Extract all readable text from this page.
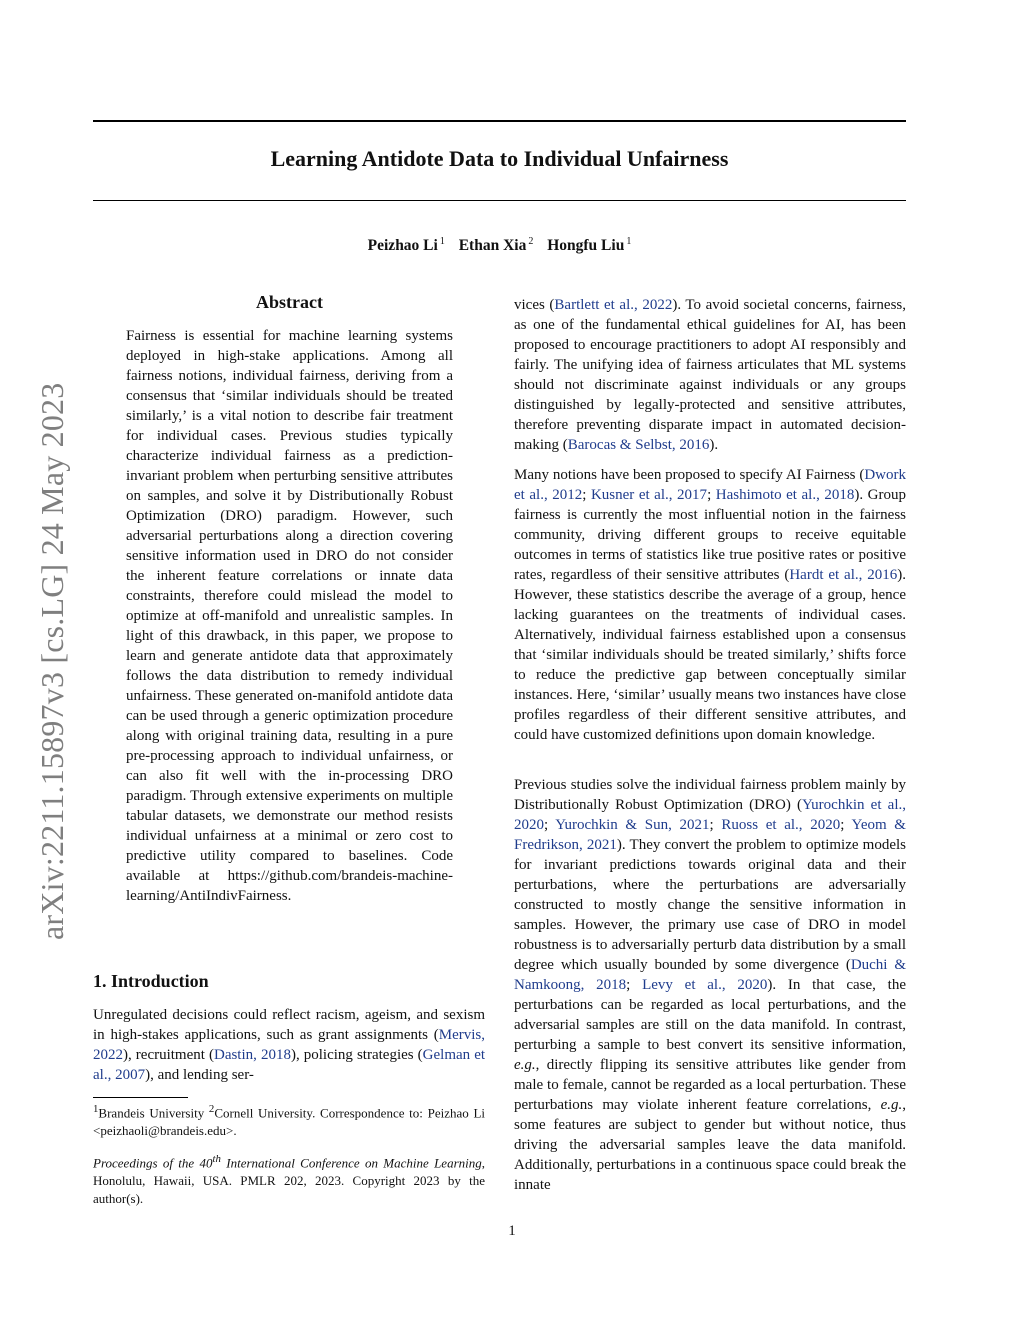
Learning Antidote Data to Individual Unfairness
Peizhao Li $^1$ Ethan Xia $^2$ Hongfu Liu $^1$
arXiv:2211.15897v3 [cs.LG] 24 May 2023
Abstract

Fairness is essential for machine learning systems deployed in high-stake applications. Among all fairness notions, individual fairness, deriving from a consensus that ‘similar individuals should be treated similarly,’ is a vital notion to describe fair treatment for individual cases. Previous studies typically characterize individual fairness as a prediction-invariant problem when perturbing sensitive attributes on samples, and solve it by Distributionally Robust Optimization (DRO) paradigm. However, such adversarial perturbations along a direction covering sensitive information used in DRO do not consider the inherent feature correlations or innate data constraints, therefore could mislead the model to optimize at off-manifold and unrealistic samples. In light of this drawback, in this paper, we propose to learn and generate antidote data that approximately follows the data distribution to remedy individual unfairness. These generated on-manifold antidote data can be used through a generic optimization procedure along with original training data, resulting in a pure pre-processing approach to individual unfairness, or can also fit well with the in-processing DRO paradigm. Through extensive experiments on multiple tabular datasets, we demonstrate our method resists individual unfairness at a minimal or zero cost to predictive utility compared to baselines. Code available at https://github.com/brandeis-machine-learning/AntiIndivFairness.

1. Introduction

Unregulated decisions could reflect racism, ageism, and sexism in high-stakes applications, such as grant assignments (Mervis, 2022), recruitment (Dastin, 2018), policing strategies (Gelman et al., 2007), and lending ser-

$^1$Brandeis University $^2$Cornell University. Correspondence to: Peizhao Li <peizhaoli@brandeis.edu>.

Proceedings of the 40th International Conference on Machine Learning, Honolulu, Hawaii, USA. PMLR 202, 2023. Copyright 2023 by the author(s).

vices (Bartlett et al., 2022). To avoid societal concerns, fairness, as one of the fundamental ethical guidelines for AI, has been proposed to encourage practitioners to adopt AI responsibly and fairly. The unifying idea of fairness articulates that ML systems should not discriminate against individuals or any groups distinguished by legally-protected and sensitive attributes, therefore preventing disparate impact in automated decision-making (Barocas & Selbst, 2016).

Many notions have been proposed to specify AI Fairness (Dwork et al., 2012; Kusner et al., 2017; Hashimoto et al., 2018). Group fairness is currently the most influential notion in the fairness community, driving different groups to receive equitable outcomes in terms of statistics like true positive rates or positive rates, regardless of their sensitive attributes (Hardt et al., 2016). However, these statistics describe the average of a group, hence lacking guarantees on the treatments of individual cases. Alternatively, individual fairness established upon a consensus that ‘similar individuals should be treated similarly,’ shifts force to reduce the predictive gap between conceptually similar instances. Here, ‘similar’ usually means two instances have close profiles regardless of their different sensitive attributes, and could have customized definitions upon domain knowledge.

Previous studies solve the individual fairness problem mainly by Distributionally Robust Optimization (DRO) (Yurochkin et al., 2020; Yurochkin & Sun, 2021; Ruoss et al., 2020; Yeom & Fredrikson, 2021). They convert the problem to optimize models for invariant predictions towards original data and their perturbations, where the perturbations are adversarially constructed to mostly change the sensitive information in samples. However, the primary use case of DRO in model robustness is to adversarially perturb data distribution by a small degree which usually bounded by some divergence (Duchi & Namkoong, 2018; Levy et al., 2020). In that case, the perturbations can be regarded as local perturbations, and the adversarial samples are still on the data manifold. In contrast, perturbing a sample to best convert its sensitive information, e.g., directly flipping its sensitive attributes like gender from male to female, cannot be regarded as a local perturbation. These perturbations may violate inherent feature correlations, e.g., some features are subject to gender but without notice, thus driving the adversarial samples leave the data manifold. Additionally, perturbations in a continuous space could break the innate

1
